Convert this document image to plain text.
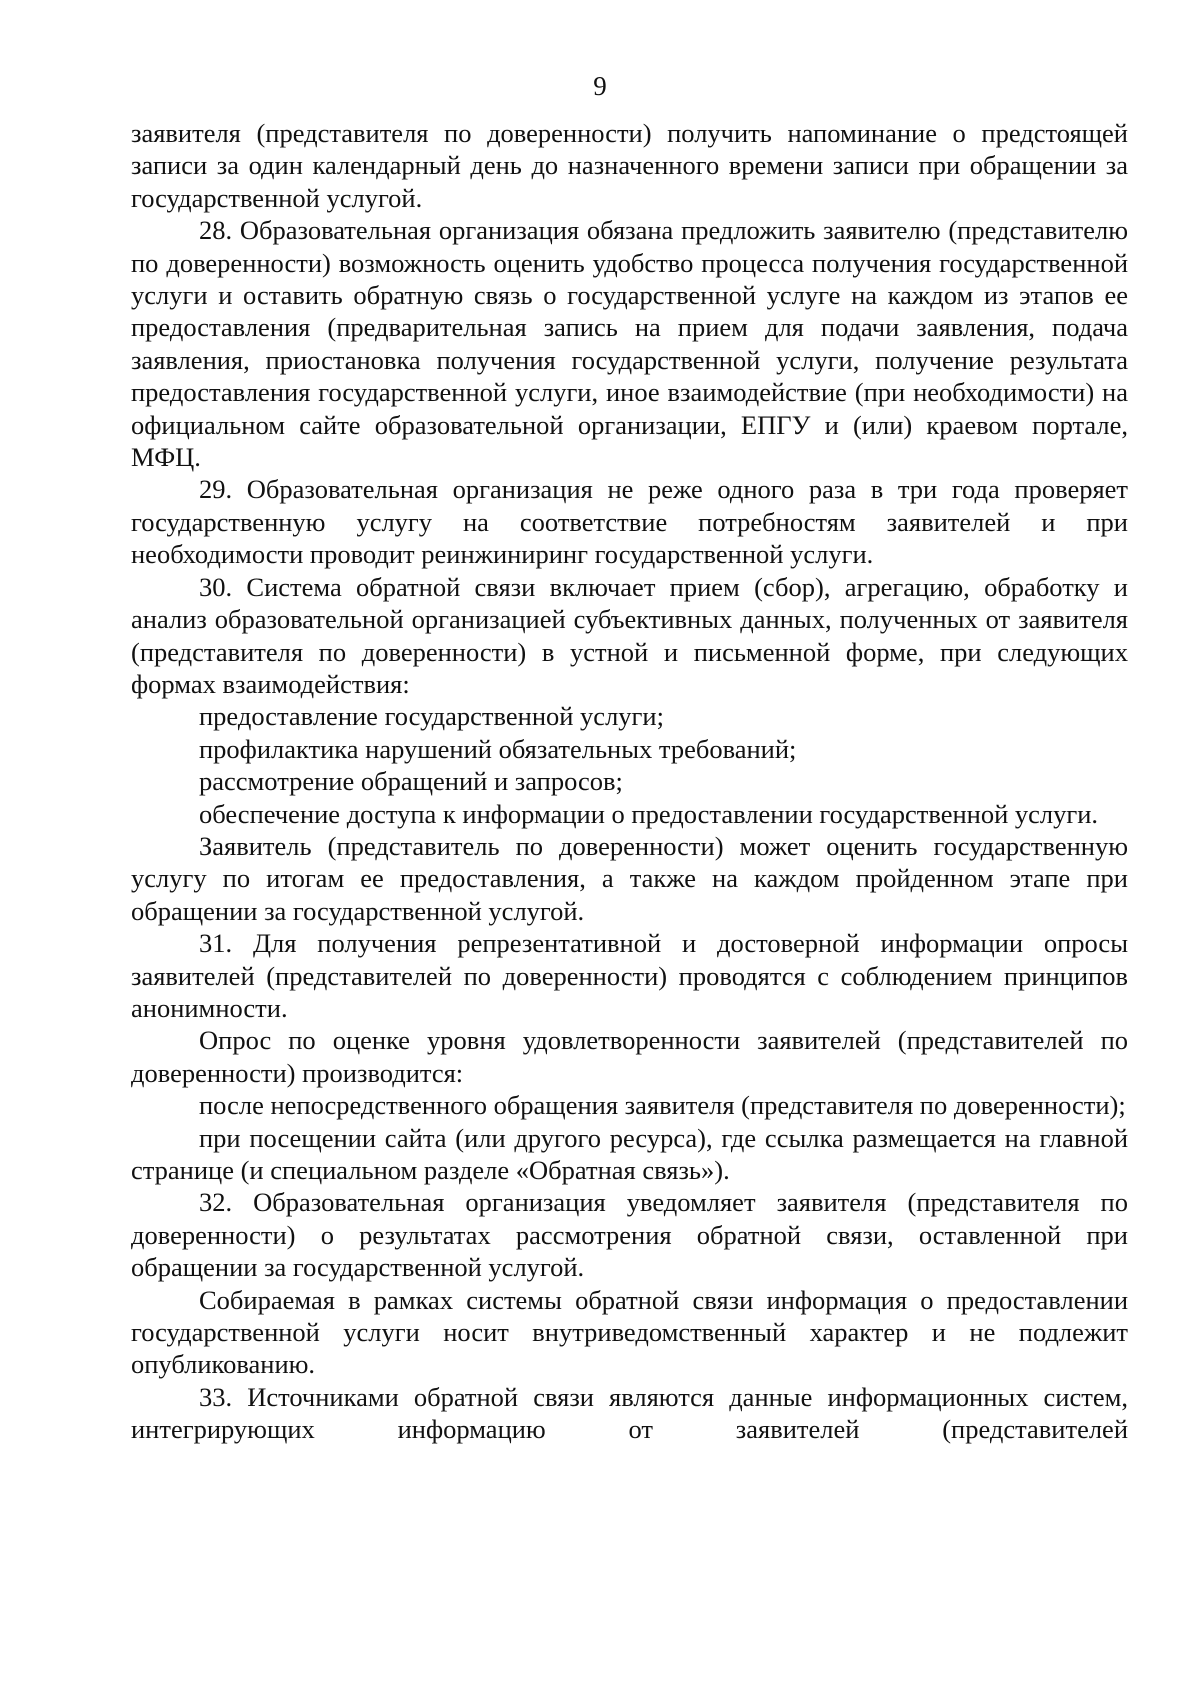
9

заявителя (представителя по доверенности) получить напоминание о предстоящей записи за один календарный день до назначенного времени записи при обращении за государственной услугой.

28. Образовательная организация обязана предложить заявителю (представителю по доверенности) возможность оценить удобство процесса получения государственной услуги и оставить обратную связь о государственной услуге на каждом из этапов ее предоставления (предварительная запись на прием для подачи заявления, подача заявления, приостановка получения государственной услуги, получение результата предоставления государственной услуги, иное взаимодействие (при необходимости) на официальном сайте образовательной организации, ЕПГУ и (или) краевом портале, МФЦ.

29. Образовательная организация не реже одного раза в три года проверяет государственную услугу на соответствие потребностям заявителей и при необходимости проводит реинжиниринг государственной услуги.

30. Система обратной связи включает прием (сбор), агрегацию, обработку и анализ образовательной организацией субъективных данных, полученных от заявителя (представителя по доверенности) в устной и письменной форме, при следующих формах взаимодействия:

предоставление государственной услуги;

профилактика нарушений обязательных требований;

рассмотрение обращений и запросов;

обеспечение доступа к информации о предоставлении государственной услуги.

Заявитель (представитель по доверенности) может оценить государственную услугу по итогам ее предоставления, а также на каждом пройденном этапе при обращении за государственной услугой.

31. Для получения репрезентативной и достоверной информации опросы заявителей (представителей по доверенности) проводятся с соблюдением принципов анонимности.

Опрос по оценке уровня удовлетворенности заявителей (представителей по доверенности) производится:

после непосредственного обращения заявителя (представителя по доверенности);

при посещении сайта (или другого ресурса), где ссылка размещается на главной странице (и специальном разделе «Обратная связь»).

32. Образовательная организация уведомляет заявителя (представителя по доверенности) о результатах рассмотрения обратной связи, оставленной при обращении за государственной услугой.

Собираемая в рамках системы обратной связи информация о предоставлении государственной услуги носит внутриведомственный характер и не подлежит опубликованию.

33. Источниками обратной связи являются данные информационных систем, интегрирующих информацию от заявителей (представителей
